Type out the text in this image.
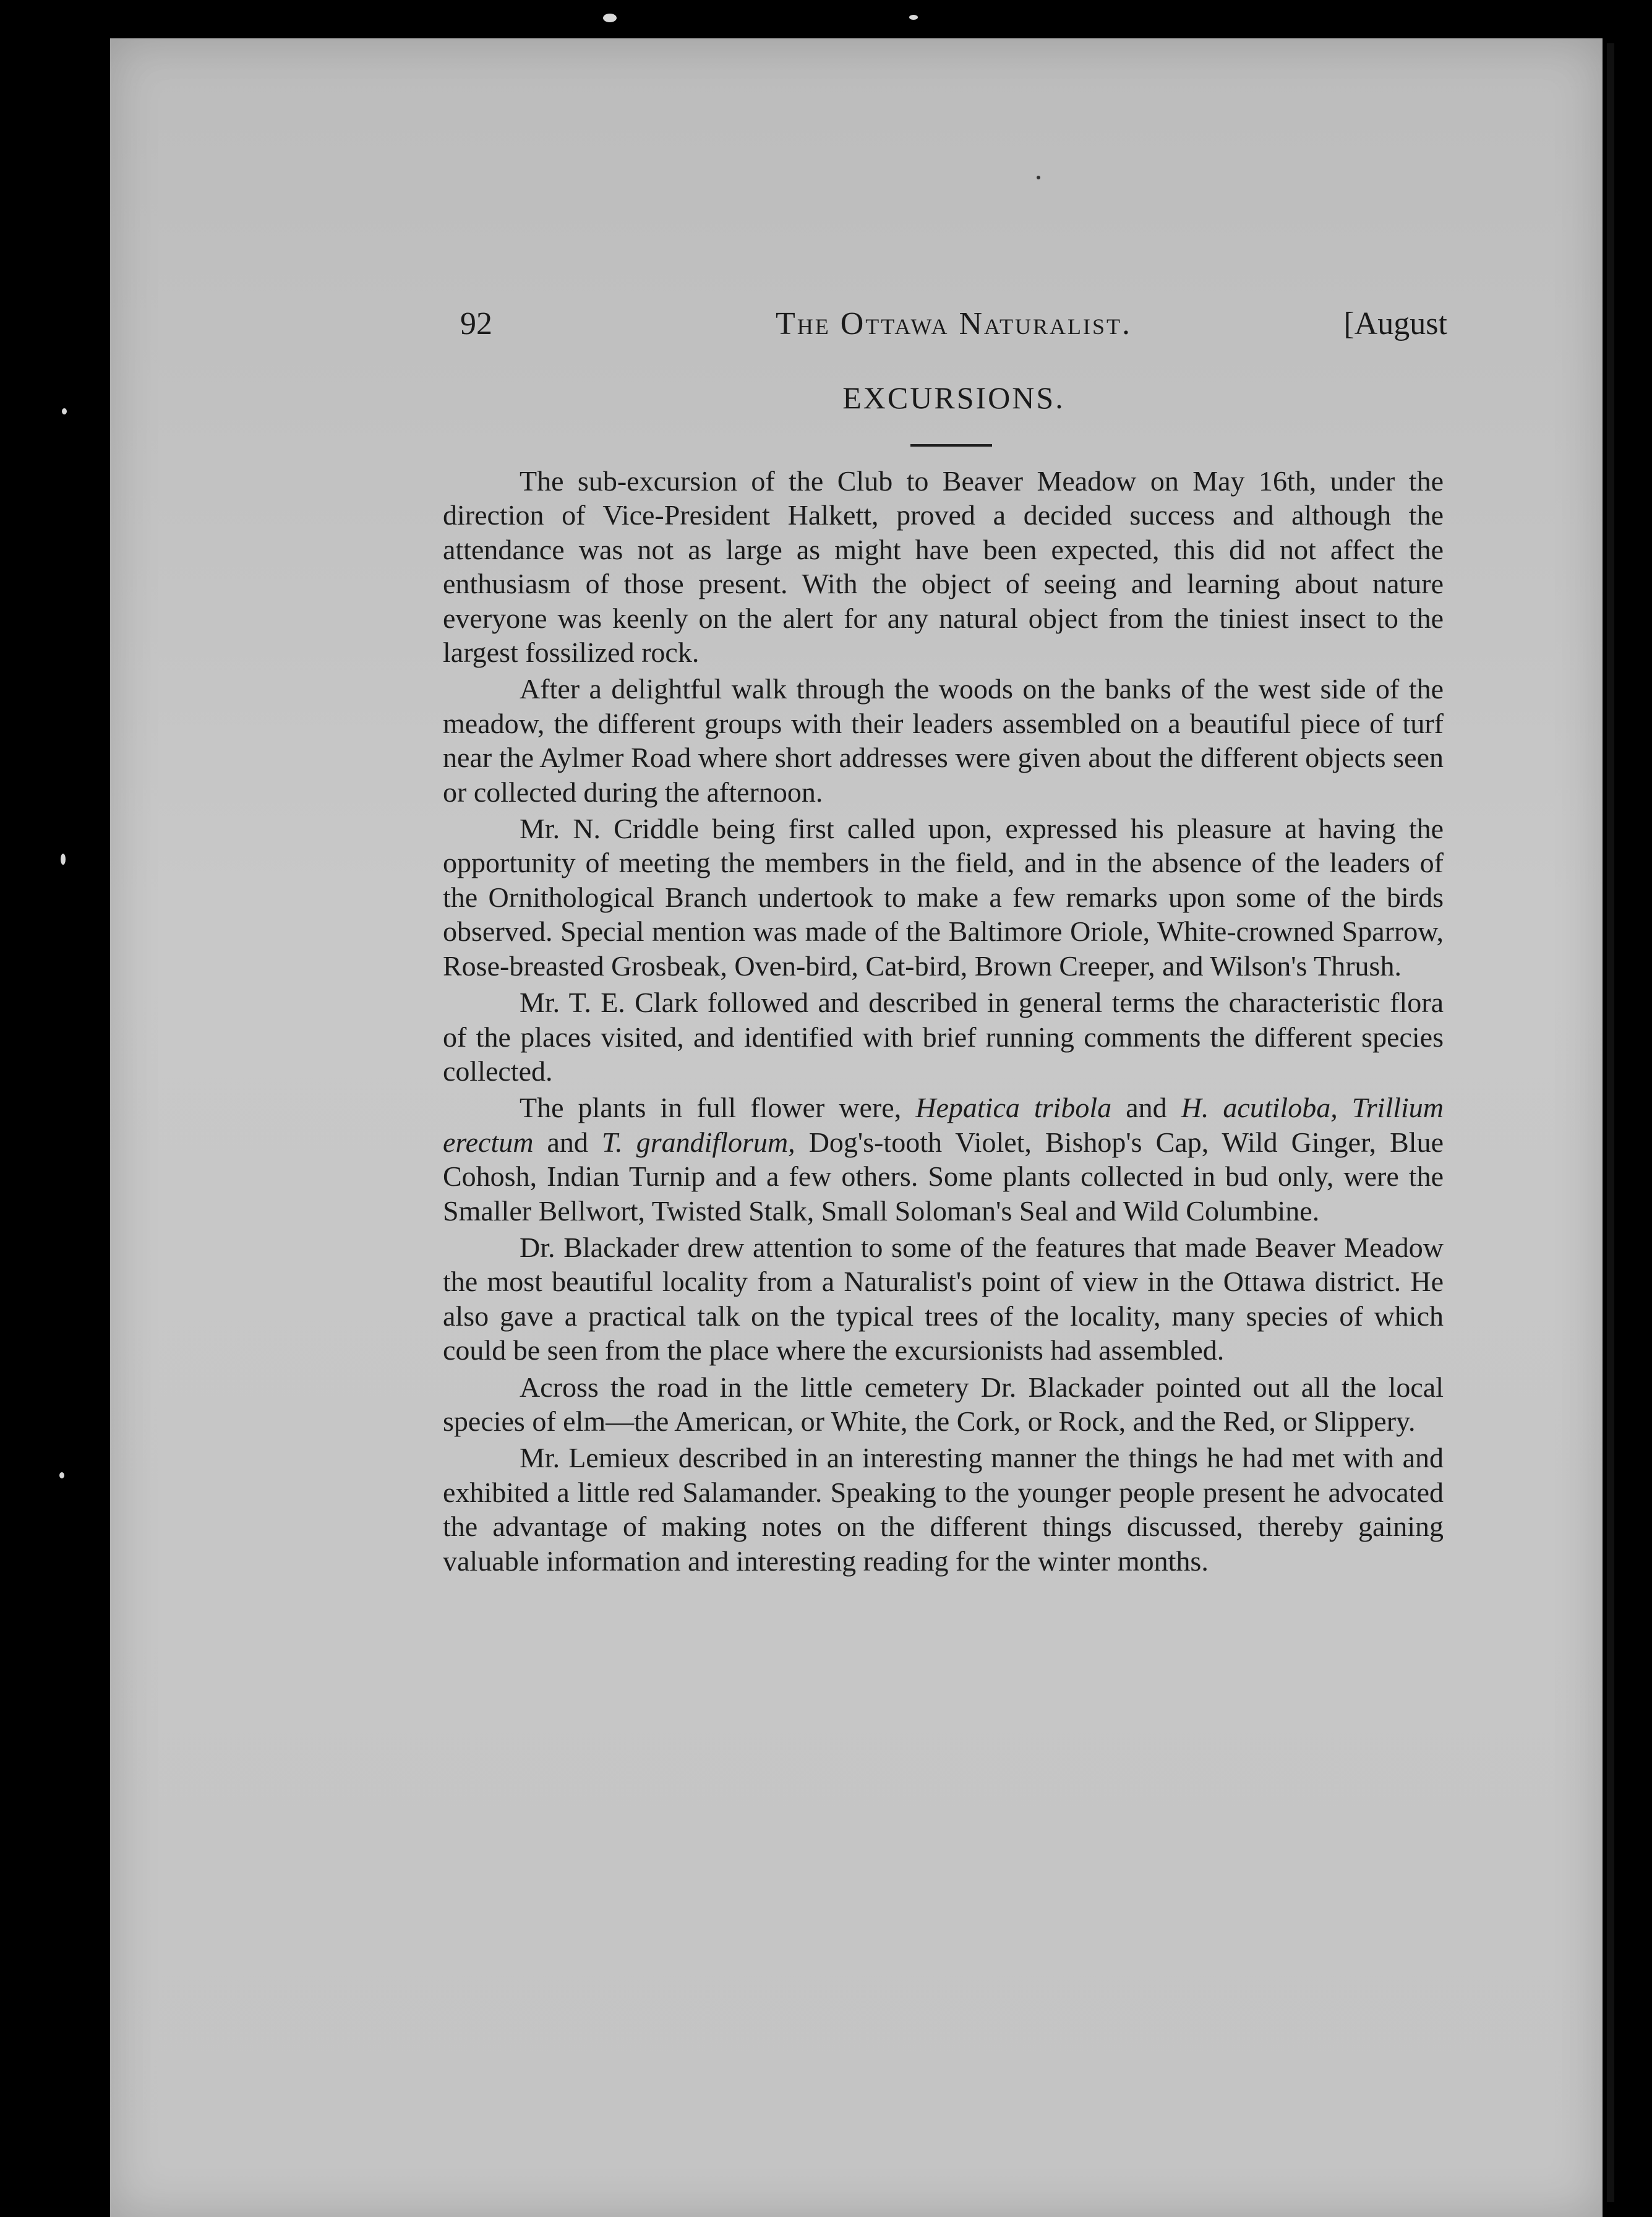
92	The Ottawa Naturalist.	[August
EXCURSIONS.

The sub-excursion of the Club to Beaver Meadow on May 16th, under the direction of Vice-President Halkett, proved a decided success and although the attendance was not as large as might have been expected, this did not affect the enthusiasm of those present. With the object of seeing and learning about nature everyone was keenly on the alert for any natural object from the tiniest insect to the largest fossilized rock.

After a delightful walk through the woods on the banks of the west side of the meadow, the different groups with their leaders assembled on a beautiful piece of turf near the Aylmer Road where short addresses were given about the different objects seen or collected during the afternoon.

Mr. N. Criddle being first called upon, expressed his pleasure at having the opportunity of meeting the members in the field, and in the absence of the leaders of the Ornithological Branch undertook to make a few remarks upon some of the birds observed. Special mention was made of the Baltimore Oriole, White-crowned Sparrow, Rose-breasted Grosbeak, Oven-bird, Cat-bird, Brown Creeper, and Wilson's Thrush.

Mr. T. E. Clark followed and described in general terms the characteristic flora of the places visited, and identified with brief running comments the different species collected.

The plants in full flower were, Hepatica tribola and H. acutiloba, Trillium erectum and T. grandiflorum, Dog's-tooth Violet, Bishop's Cap, Wild Ginger, Blue Cohosh, Indian Turnip and a few others. Some plants collected in bud only, were the Smaller Bellwort, Twisted Stalk, Small Soloman's Seal and Wild Columbine.

Dr. Blackader drew attention to some of the features that made Beaver Meadow the most beautiful locality from a Naturalist's point of view in the Ottawa district. He also gave a practical talk on the typical trees of the locality, many species of which could be seen from the place where the excursionists had assembled.

Across the road in the little cemetery Dr. Blackader pointed out all the local species of elm—the American, or White, the Cork, or Rock, and the Red, or Slippery.

Mr. Lemieux described in an interesting manner the things he had met with and exhibited a little red Salamander. Speaking to the younger people present he advocated the advantage of making notes on the different things discussed, thereby gaining valuable information and interesting reading for the winter months.
